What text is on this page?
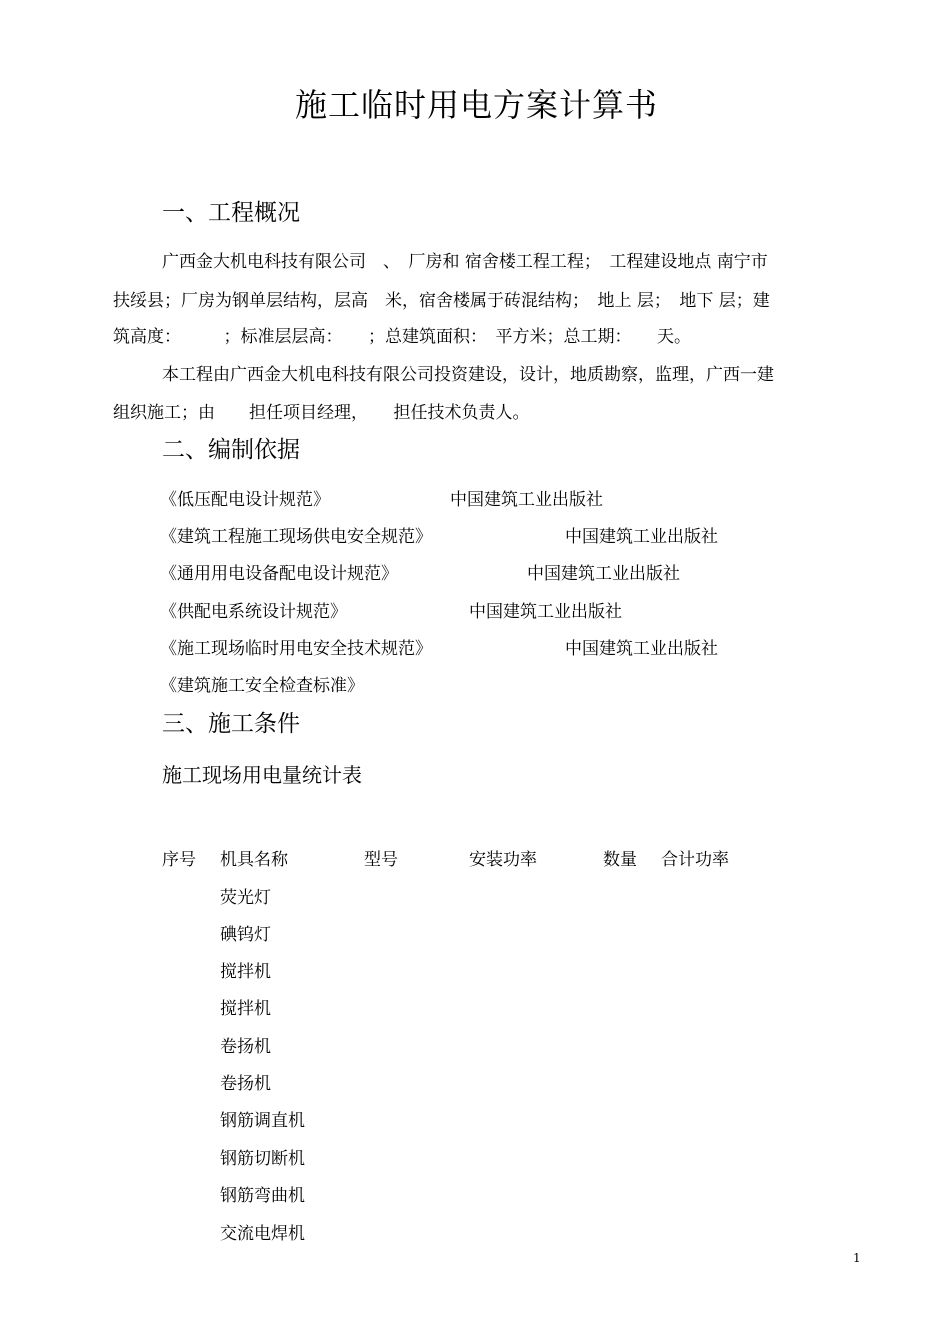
施工临时用电方案计算书
一、工程概况
广西金大机电科技有限公司　、　厂房和 宿舍楼工程工程；　工程建设地点 南宁市
扶绥县；厂房为钢单层结构，层高　米，宿舍楼属于砖混结构；　地上 层；　地下 层；建
筑高度：　　　；标准层层高：　　；总建筑面积：　平方米；总工期：　　天。
本工程由广西金大机电科技有限公司投资建设，设计，地质勘察，监理，广西一建
组织施工；由　　担任项目经理，　　担任技术负责人。
二、编制依据
《低压配电设计规范》	中国建筑工业出版社
《建筑工程施工现场供电安全规范》	中国建筑工业出版社
《通用用电设备配电设计规范》	中国建筑工业出版社
《供配电系统设计规范》	中国建筑工业出版社
《施工现场临时用电安全技术规范》	中国建筑工业出版社
《建筑施工安全检查标准》
三、施工条件
施工现场用电量统计表
序号 机具名称	型号	安装功率	数量 合计功率
荧光灯
碘钨灯
搅拌机
搅拌机
卷扬机
卷扬机
钢筋调直机
钢筋切断机
钢筋弯曲机
交流电焊机
1
